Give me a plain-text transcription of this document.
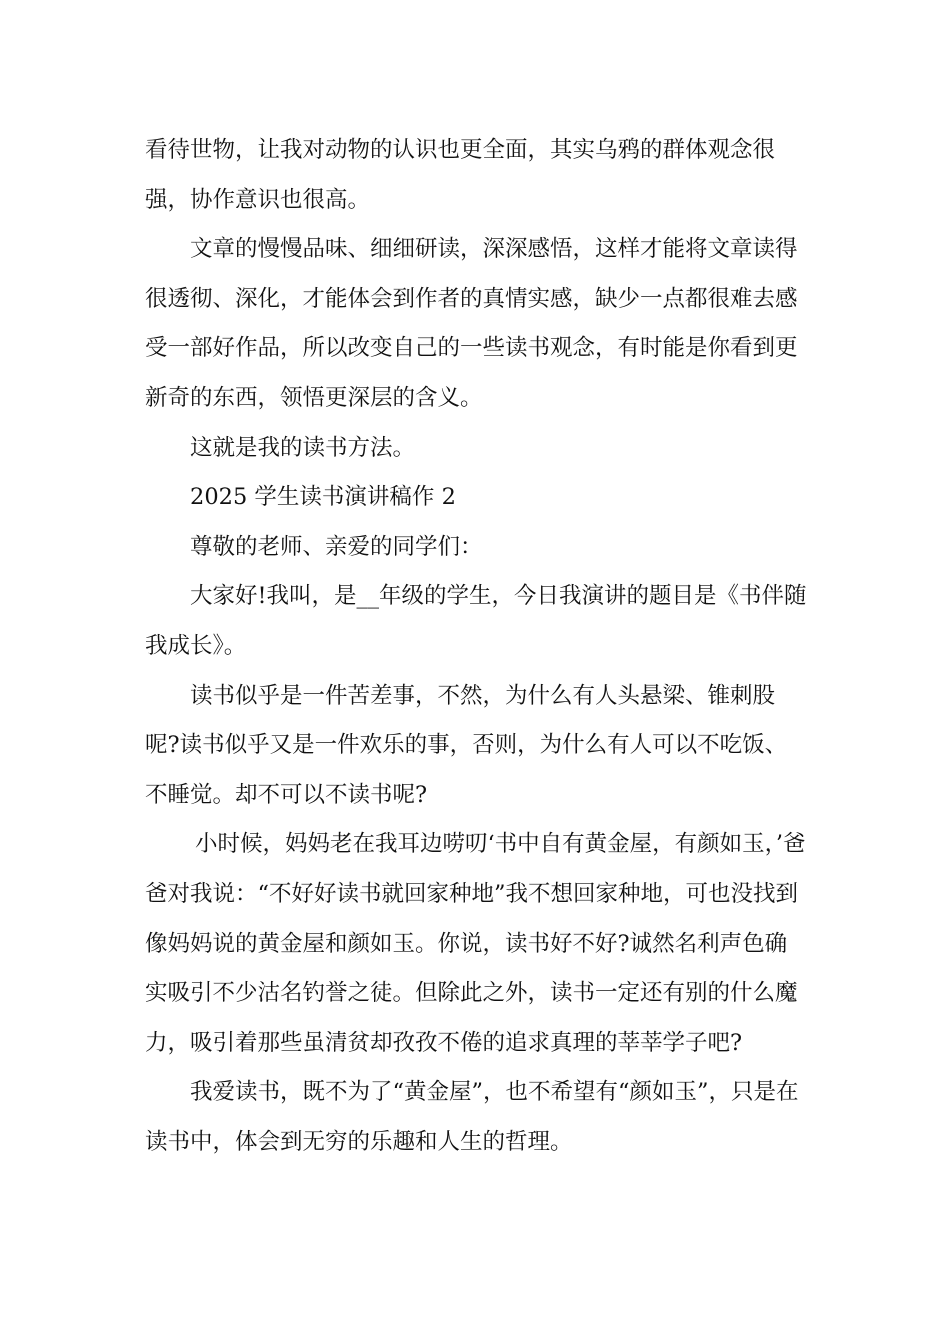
看待世物，让我对动物的认识也更全面，其实乌鸦的群体观念很强，协作意识也很高。

文章的慢慢品味、细细研读，深深感悟，这样才能将文章读得很透彻、深化，才能体会到作者的真情实感，缺少一点都很难去感受一部好作品，所以改变自己的一些读书观念，有时能是你看到更新奇的东西，领悟更深层的含义。

这就是我的读书方法。

2025 学生读书演讲稿作 2

尊敬的老师、亲爱的同学们：

大家好!我叫，是__年级的学生，今日我演讲的题目是《书伴随我成长》。

读书似乎是一件苦差事，不然，为什么有人头悬梁、锥刺股呢?读书似乎又是一件欢乐的事，否则，为什么有人可以不吃饭、不睡觉。却不可以不读书呢?

小时候，妈妈老在我耳边唠叨‘书中自有黄金屋，有颜如玉，’爸爸对我说：“不好好读书就回家种地”我不想回家种地，可也没找到像妈妈说的黄金屋和颜如玉。你说，读书好不好?诚然名利声色确实吸引不少沽名钓誉之徒。但除此之外，读书一定还有别的什么魔力，吸引着那些虽清贫却孜孜不倦的追求真理的莘莘学子吧?

我爱读书，既不为了“黄金屋”，也不希望有“颜如玉”，只是在读书中，体会到无穷的乐趣和人生的哲理。
